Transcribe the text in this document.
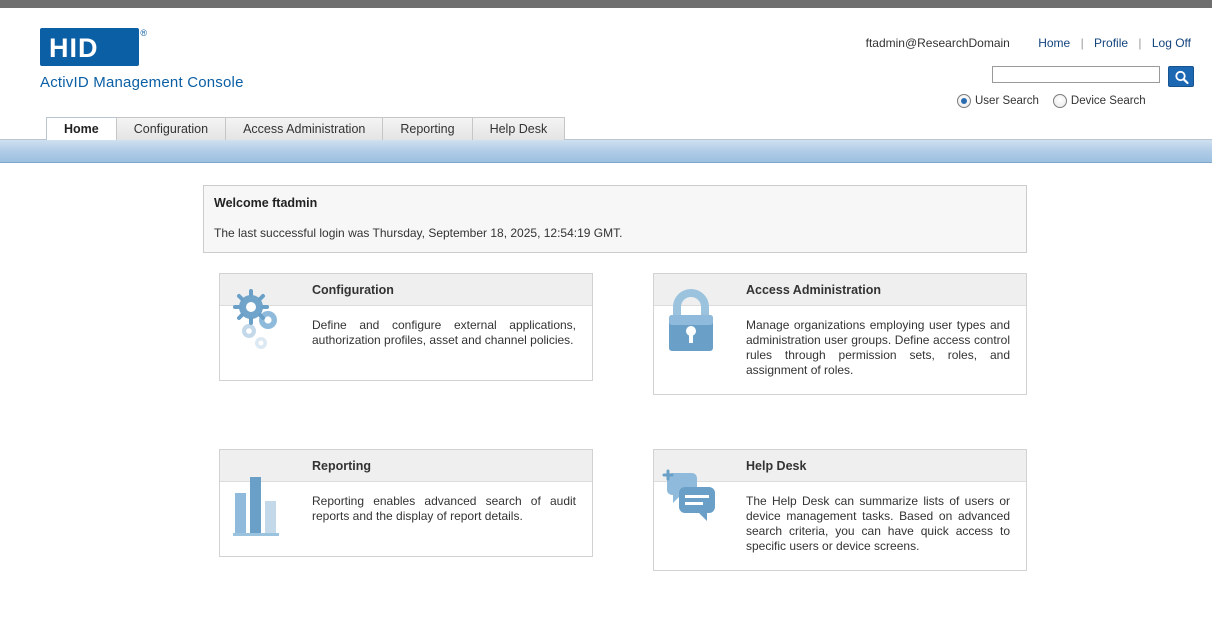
HID	®
ActivID Management Console
ftadmin@ResearchDomain Home | Profile | Log Off
User Search	Device Search
Home	Configuration	Access Administration	Reporting	Help Desk
Welcome ftadmin
The last successful login was Thursday, September 18, 2025, 12:54:19 GMT.
Configuration
Define and configure external applications, authorization profiles, asset and channel policies.
Access Administration
Manage organizations employing user types and administration user groups. Define access control rules through permission sets, roles, and assignment of roles.
Reporting
Reporting enables advanced search of audit reports and the display of report details.
Help Desk
The Help Desk can summarize lists of users or device management tasks. Based on advanced search criteria, you can have quick access to specific users or device screens.
